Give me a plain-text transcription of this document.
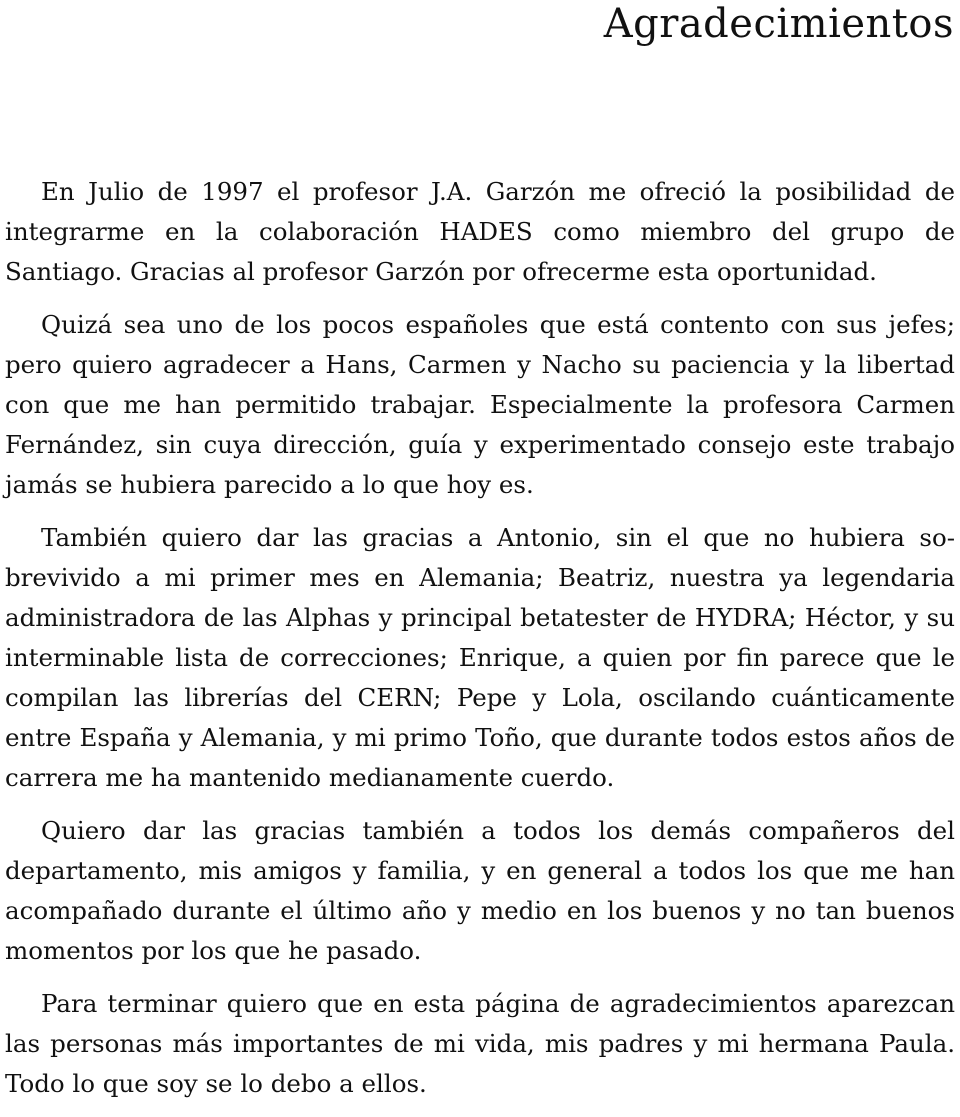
Agradecimientos

En Julio de 1997 el profesor J.A. Garzón me ofreció la posibilidad de integrarme en la colaboración HADES como miembro del grupo de Santiago. Gracias al profesor Garzón por ofrecerme esta oportunidad.

Quizá sea uno de los pocos españoles que está contento con sus jefes; pero quiero agradecer a Hans, Carmen y Nacho su paciencia y la libertad con que me han permitido trabajar. Especialmente la profesora Carmen Fernández, sin cuya dirección, guía y experimentado consejo este trabajo jamás se hubiera parecido a lo que hoy es.

También quiero dar las gracias a Antonio, sin el que no hubiera sobrevivido a mi primer mes en Alemania; Beatriz, nuestra ya legendaria administradora de las Alphas y principal betatester de HYDRA; Héctor, y su interminable lista de correcciones; Enrique, a quien por fin parece que le compilan las librerías del CERN; Pepe y Lola, oscilando cuánticamente entre España y Alemania, y mi primo Toño, que durante todos estos años de carrera me ha mantenido medianamente cuerdo.

Quiero dar las gracias también a todos los demás compañeros del departamento, mis amigos y familia, y en general a todos los que me han acompañado durante el último año y medio en los buenos y no tan buenos momentos por los que he pasado.

Para terminar quiero que en esta página de agradecimientos aparezcan las personas más importantes de mi vida, mis padres y mi hermana Paula. Todo lo que soy se lo debo a ellos.
